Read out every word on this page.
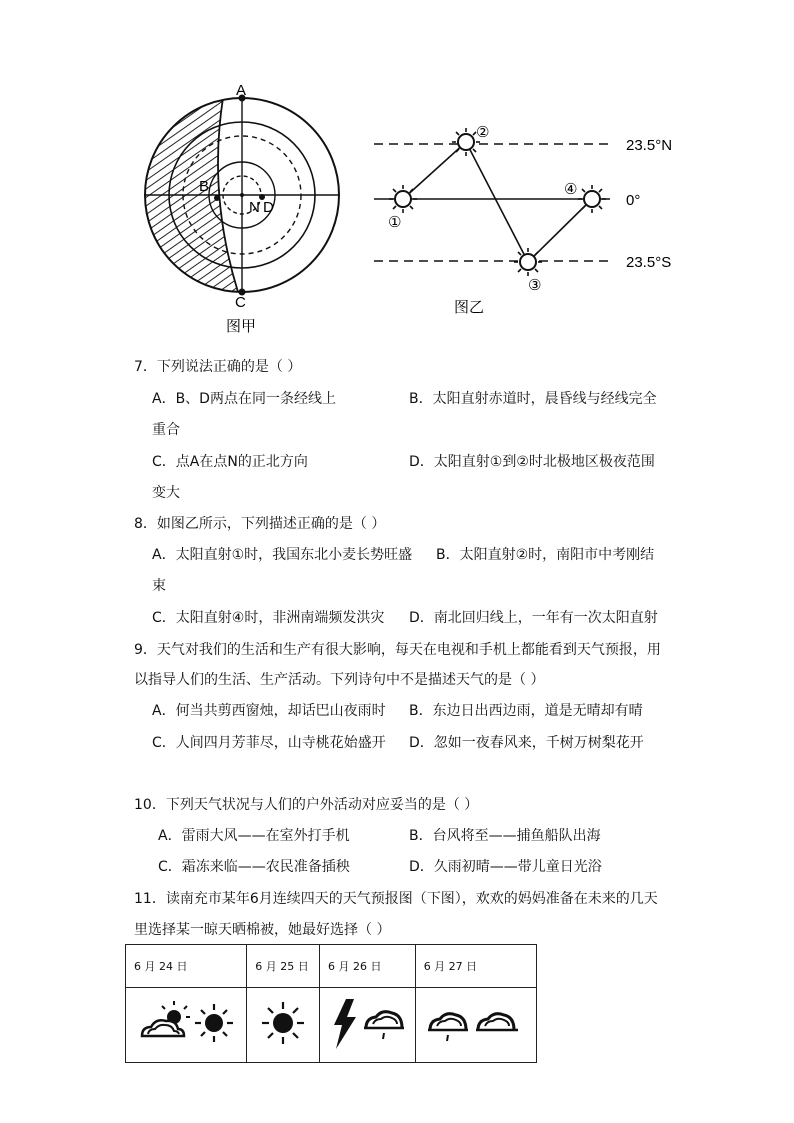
A
B
C
N D
图甲
①
②
③
④
23.5°N
0°
23.5°S
图乙
7．下列说法正确的是（ ）
A．B、D两点在同一条经线上	B．太阳直射赤道时，晨昏线与经线完全
重合
C．点A在点N的正北方向	D．太阳直射①到②时北极地区极夜范围
变大
8．如图乙所示，下列描述正确的是（ ）
A．太阳直射①时，我国东北小麦长势旺盛 B．太阳直射②时，南阳市中考刚结
束
C．太阳直射④时，非洲南端频发洪灾 D．南北回归线上，一年有一次太阳直射
9．天气对我们的生活和生产有很大影响，每天在电视和手机上都能看到天气预报，用
以指导人们的生活、生产活动。下列诗句中不是描述天气的是（ ）
A．何当共剪西窗烛，却话巴山夜雨时 B．东边日出西边雨，道是无晴却有晴
C．人间四月芳菲尽，山寺桃花始盛开 D．忽如一夜春风来，千树万树梨花开
10．下列天气状况与人们的户外活动对应妥当的是（ ）
A．雷雨大风——在室外打手机	B．台风将至——捕鱼船队出海
C．霜冻来临——农民准备插秧	D．久雨初晴——带儿童日光浴
11．读南充市某年6月连续四天的天气预报图（下图），欢欢的妈妈准备在未来的几天
里选择某一晾天晒棉被，她最好选择（ ）
6 月 24 日	6 月 25 日	6 月 26 日	6 月 27 日
